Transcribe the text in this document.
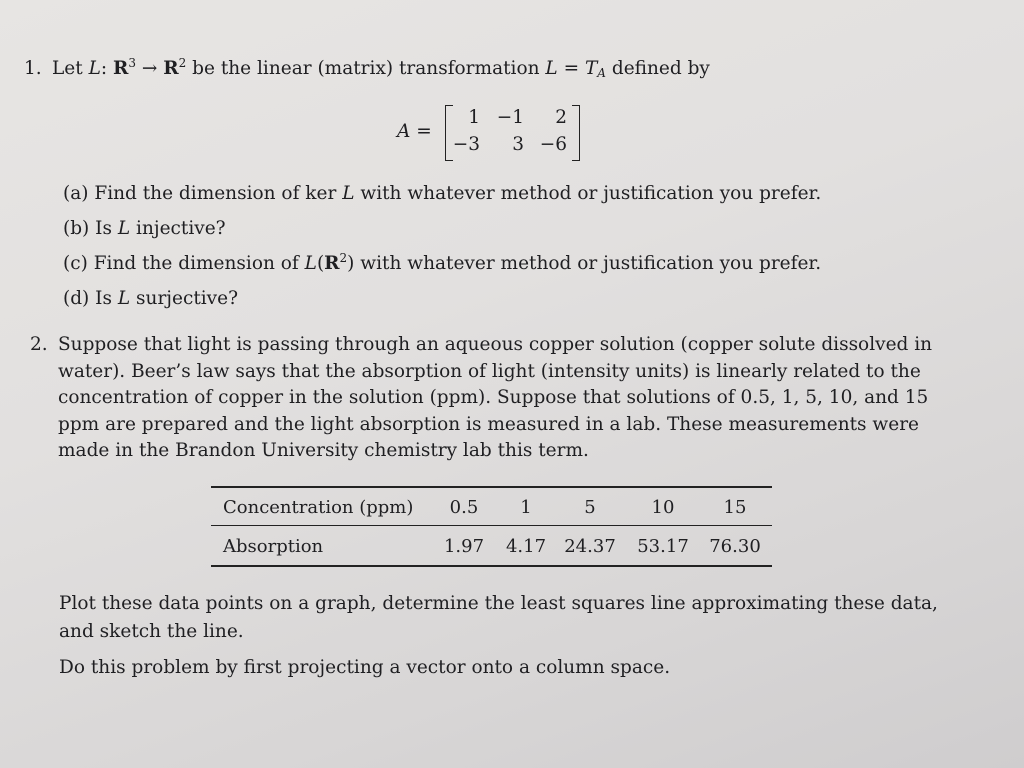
1. Let L: $R^3 \to R^2$ be the linear (matrix) transformation $L = T_A$ defined by
A =
1 −1	2
−3	3 −6
(a) Find the dimension of ker L with whatever method or justification you prefer.
(b) Is L injective?
(c) Find the dimension of $L(R^2)$ with whatever method or justification you prefer.
(d) Is L surjective?
2. Suppose that light is passing through an aqueous copper solution (copper solute dissolved in
water). Beer’s law says that the absorption of light (intensity units) is linearly related to the
concentration of copper in the solution (ppm). Suppose that solutions of 0.5, 1, 5, 10, and 15
ppm are prepared and the light absorption is measured in a lab. These measurements were
made in the Brandon University chemistry lab this term.
Concentration (ppm)	0.5	1	5	10	15
Absorption	1.97	4.17	24.37	53.17	76.30
Plot these data points on a graph, determine the least squares line approximating these data,
and sketch the line.
Do this problem by first projecting a vector onto a column space.
